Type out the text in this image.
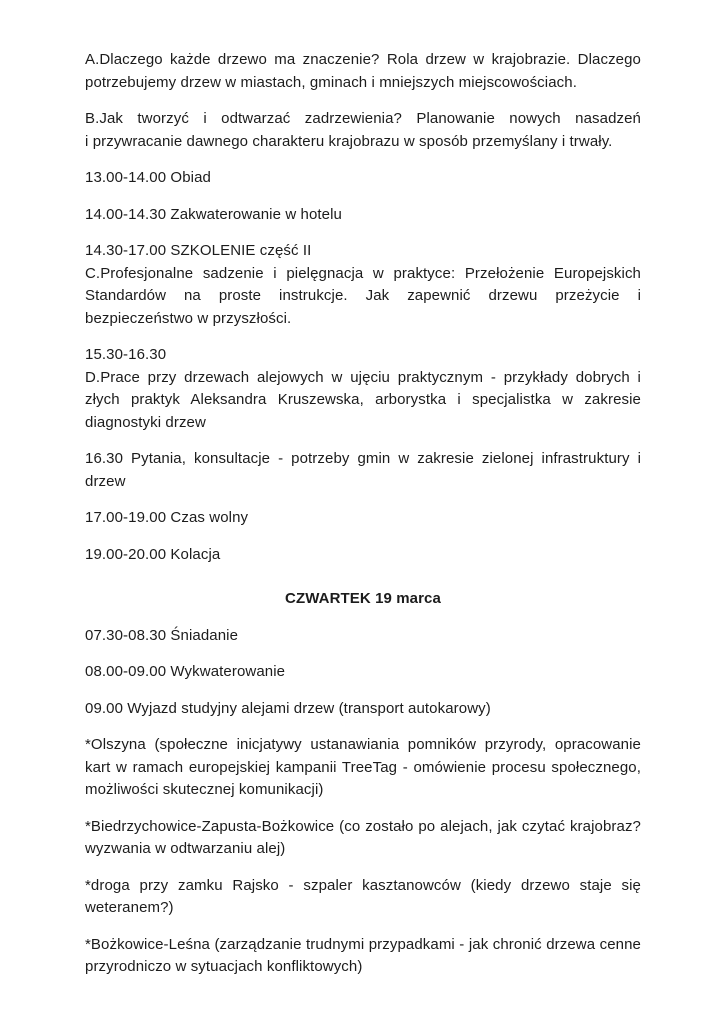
A.Dlaczego każde drzewo ma znaczenie? Rola drzew w krajobrazie. Dlaczego potrzebujemy drzew w miastach, gminach i mniejszych miejscowościach.
B.Jak tworzyć i odtwarzać zadrzewienia? Planowanie nowych nasadzeń i przywracanie dawnego charakteru krajobrazu w sposób przemyślany i trwały.
13.00-14.00 Obiad
14.00-14.30 Zakwaterowanie w hotelu
14.30-17.00 SZKOLENIE część II
C.Profesjonalne sadzenie i pielęgnacja w praktyce: Przełożenie Europejskich Standardów na proste instrukcje. Jak zapewnić drzewu przeżycie i bezpieczeństwo w przyszłości.
15.30-16.30
D.Prace przy drzewach alejowych w ujęciu praktycznym - przykłady dobrych i złych praktyk Aleksandra Kruszewska, arborystka i specjalistka w zakresie diagnostyki drzew
16.30 Pytania, konsultacje - potrzeby gmin w zakresie zielonej infrastruktury i drzew
17.00-19.00 Czas wolny
19.00-20.00 Kolacja
CZWARTEK 19 marca
07.30-08.30 Śniadanie
08.00-09.00 Wykwaterowanie
09.00 Wyjazd studyjny alejami drzew (transport autokarowy)
*Olszyna (społeczne inicjatywy ustanawiania pomników przyrody, opracowanie kart w ramach europejskiej kampanii TreeTag - omówienie procesu społecznego, możliwości skutecznej komunikacji)
*Biedrzychowice-Zapusta-Bożkowice (co zostało po alejach, jak czytać krajobraz? wyzwania w odtwarzaniu alej)
*droga przy zamku Rajsko - szpaler kasztanowców (kiedy drzewo staje się weteranem?)
*Bożkowice-Leśna (zarządzanie trudnymi przypadkami - jak chronić drzewa cenne przyrodniczo w sytuacjach konfliktowych)
